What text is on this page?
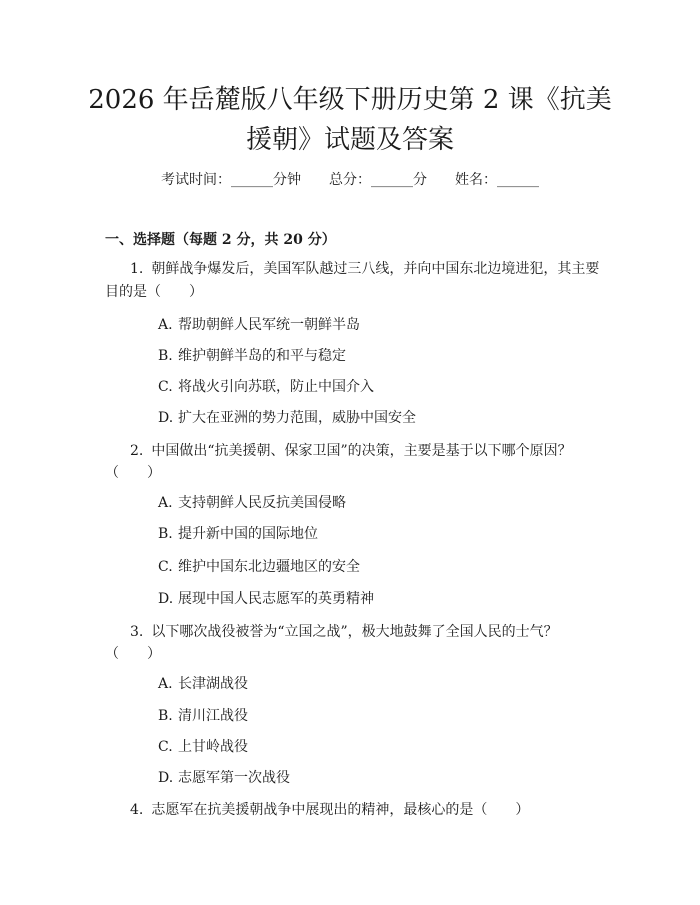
2026 年岳麓版八年级下册历史第 2 课《抗美
援朝》试题及答案
考试时间：______分钟 总分：______分 姓名：______
一、选择题（每题 2 分，共 20 分）
1. 朝鲜战争爆发后，美国军队越过三八线，并向中国东北边境进犯，其主要
目的是（　　）
A. 帮助朝鲜人民军统一朝鲜半岛
B. 维护朝鲜半岛的和平与稳定
C. 将战火引向苏联，防止中国介入
D. 扩大在亚洲的势力范围，威胁中国安全
2. 中国做出“抗美援朝、保家卫国”的决策，主要是基于以下哪个原因？
（　　）
A. 支持朝鲜人民反抗美国侵略
B. 提升新中国的国际地位
C. 维护中国东北边疆地区的安全
D. 展现中国人民志愿军的英勇精神
3. 以下哪次战役被誉为“立国之战”，极大地鼓舞了全国人民的士气？
（　　）
A. 长津湖战役
B. 清川江战役
C. 上甘岭战役
D. 志愿军第一次战役
4. 志愿军在抗美援朝战争中展现出的精神，最核心的是（　　）
